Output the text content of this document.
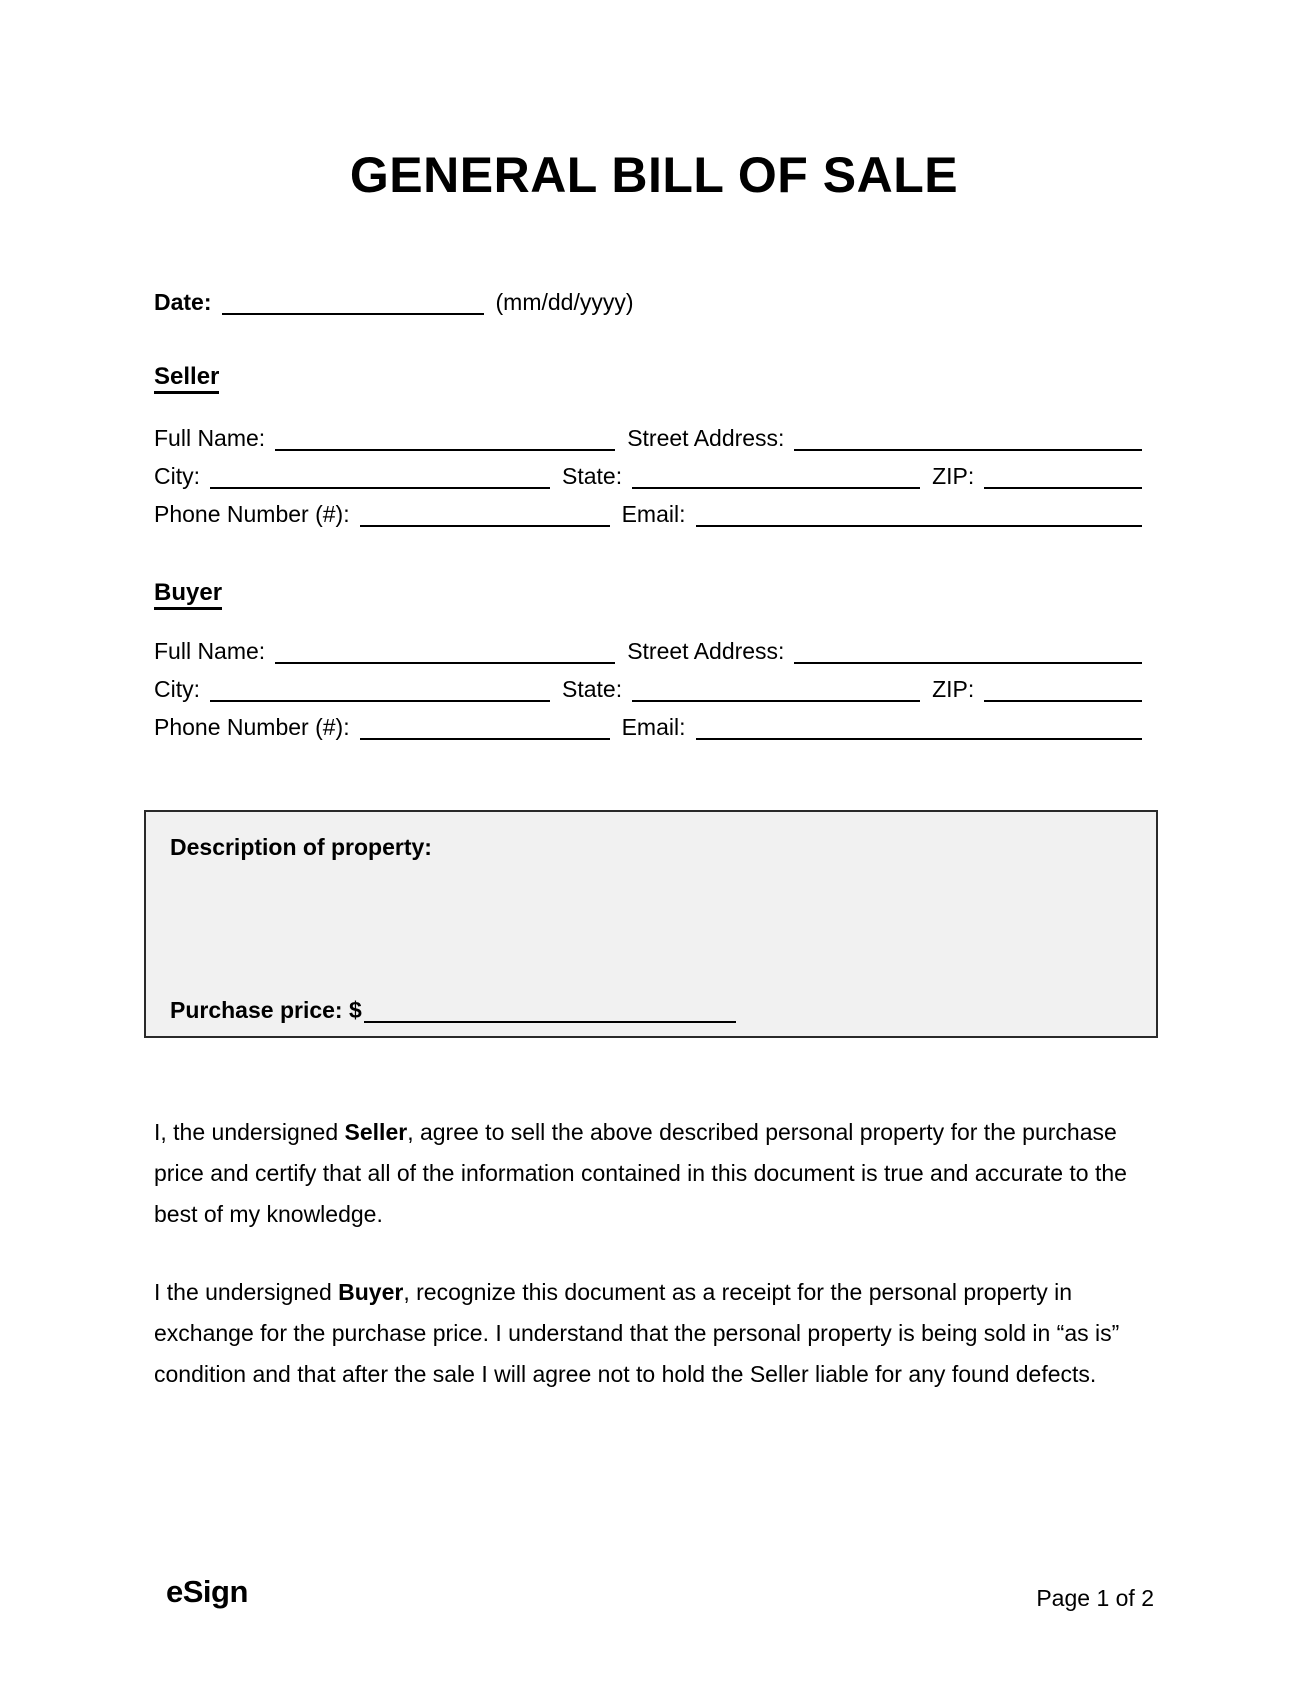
GENERAL BILL OF SALE
Date:	(mm/dd/yyyy)
Seller
Full Name:	Street Address:
City:	State:	ZIP:
Phone Number (#):	Email:
Buyer
Full Name:	Street Address:
City:	State:	ZIP:
Phone Number (#):	Email:
Description of property:
Purchase price: $
I, the undersigned Seller, agree to sell the above described personal property for the purchase price and certify that all of the information contained in this document is true and accurate to the best of my knowledge.
I the undersigned Buyer, recognize this document as a receipt for the personal property in exchange for the purchase price. I understand that the personal property is being sold in “as is” condition and that after the sale I will agree not to hold the Seller liable for any found defects.
eSign	Page 1 of 2
